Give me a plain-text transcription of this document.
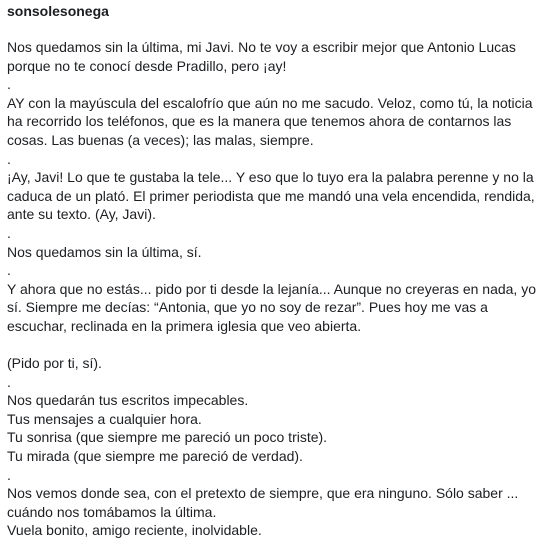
sonsolesonega
Nos quedamos sin la última, mi Javi. No te voy a escribir mejor que Antonio Lucas
porque no te conocí desde Pradillo, pero ¡ay!
.
AY con la mayúscula del escalofrío que aún no me sacudo. Veloz, como tú, la noticia
ha recorrido los teléfonos, que es la manera que tenemos ahora de contarnos las
cosas. Las buenas (a veces); las malas, siempre.
.
¡Ay, Javi! Lo que te gustaba la tele... Y eso que lo tuyo era la palabra perenne y no la
caduca de un plató. El primer periodista que me mandó una vela encendida, rendida,
ante su texto. (Ay, Javi).
.
Nos quedamos sin la última, sí.
.
Y ahora que no estás... pido por ti desde la lejanía... Aunque no creyeras en nada, yo
sí. Siempre me decías: “Antonia, que yo no soy de rezar”. Pues hoy me vas a
escuchar, reclinada en la primera iglesia que veo abierta.
(Pido por ti, sí).
.
Nos quedarán tus escritos impecables.
Tus mensajes a cualquier hora.
Tu sonrisa (que siempre me pareció un poco triste).
Tu mirada (que siempre me pareció de verdad).
.
Nos vemos donde sea, con el pretexto de siempre, que era ninguno. Sólo saber ...
cuándo nos tomábamos la última.
Vuela bonito, amigo reciente, inolvidable.
